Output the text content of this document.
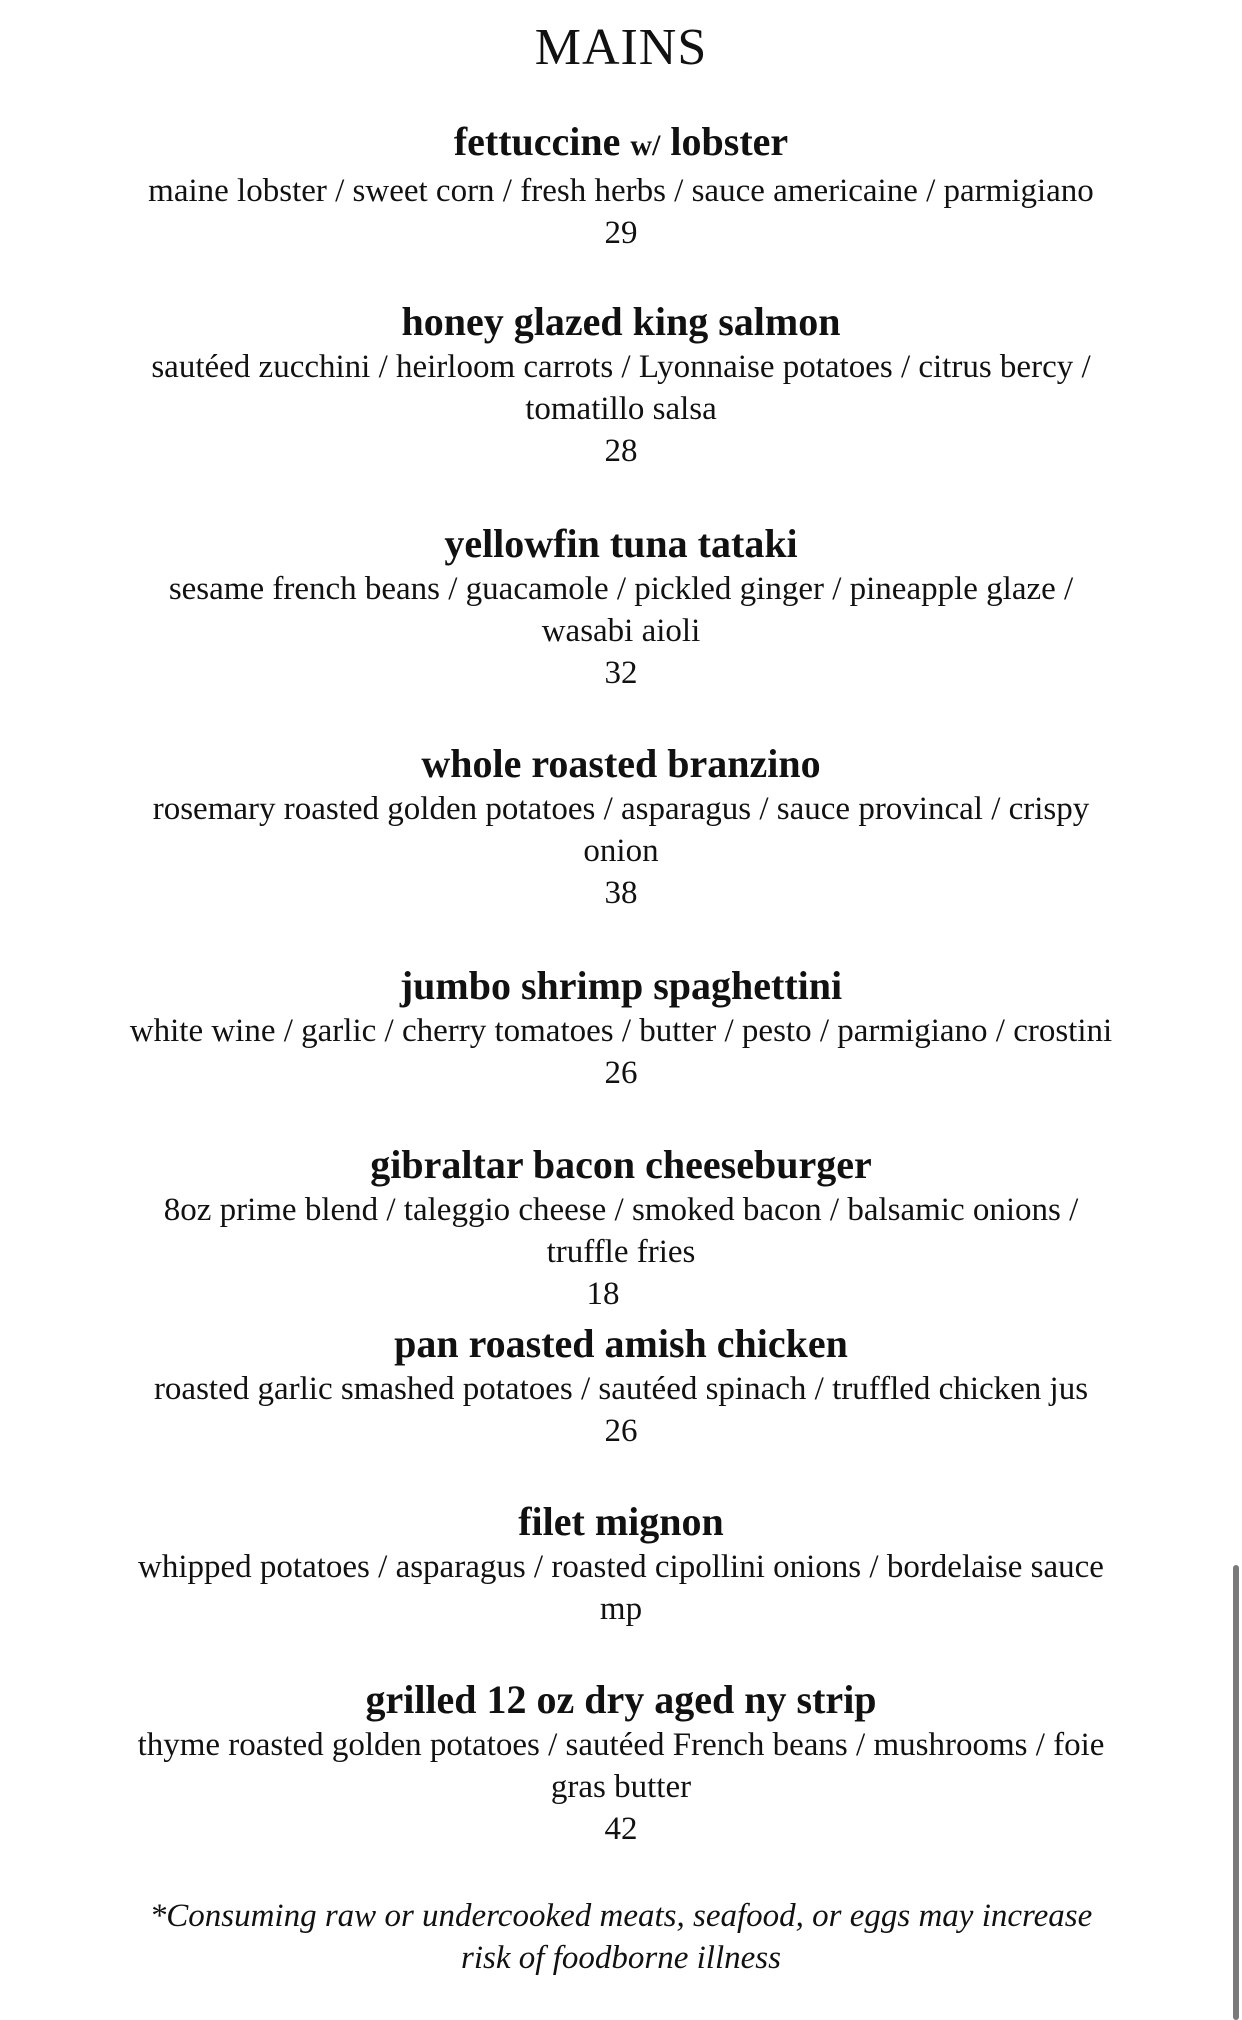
MAINS
fettuccine w/ lobster
maine lobster / sweet corn / fresh herbs / sauce americaine / parmigiano
29
honey glazed king salmon
sautéed zucchini / heirloom carrots / Lyonnaise potatoes / citrus bercy /
tomatillo salsa
28
yellowfin tuna tataki
sesame french beans / guacamole / pickled ginger / pineapple glaze /
wasabi aioli
32
whole roasted branzino
rosemary roasted golden potatoes / asparagus / sauce provincal / crispy
onion
38
jumbo shrimp spaghettini
white wine / garlic / cherry tomatoes / butter / pesto / parmigiano / crostini
26
gibraltar bacon cheeseburger
8oz prime blend / taleggio cheese / smoked bacon / balsamic onions /
truffle fries
18
pan roasted amish chicken
roasted garlic smashed potatoes / sautéed spinach / truffled chicken jus
26
filet mignon
whipped potatoes / asparagus / roasted cipollini onions / bordelaise sauce
mp
grilled 12 oz dry aged ny strip
thyme roasted golden potatoes / sautéed French beans / mushrooms / foie
gras butter
42
*Consuming raw or undercooked meats, seafood, or eggs may increase
risk of foodborne illness
